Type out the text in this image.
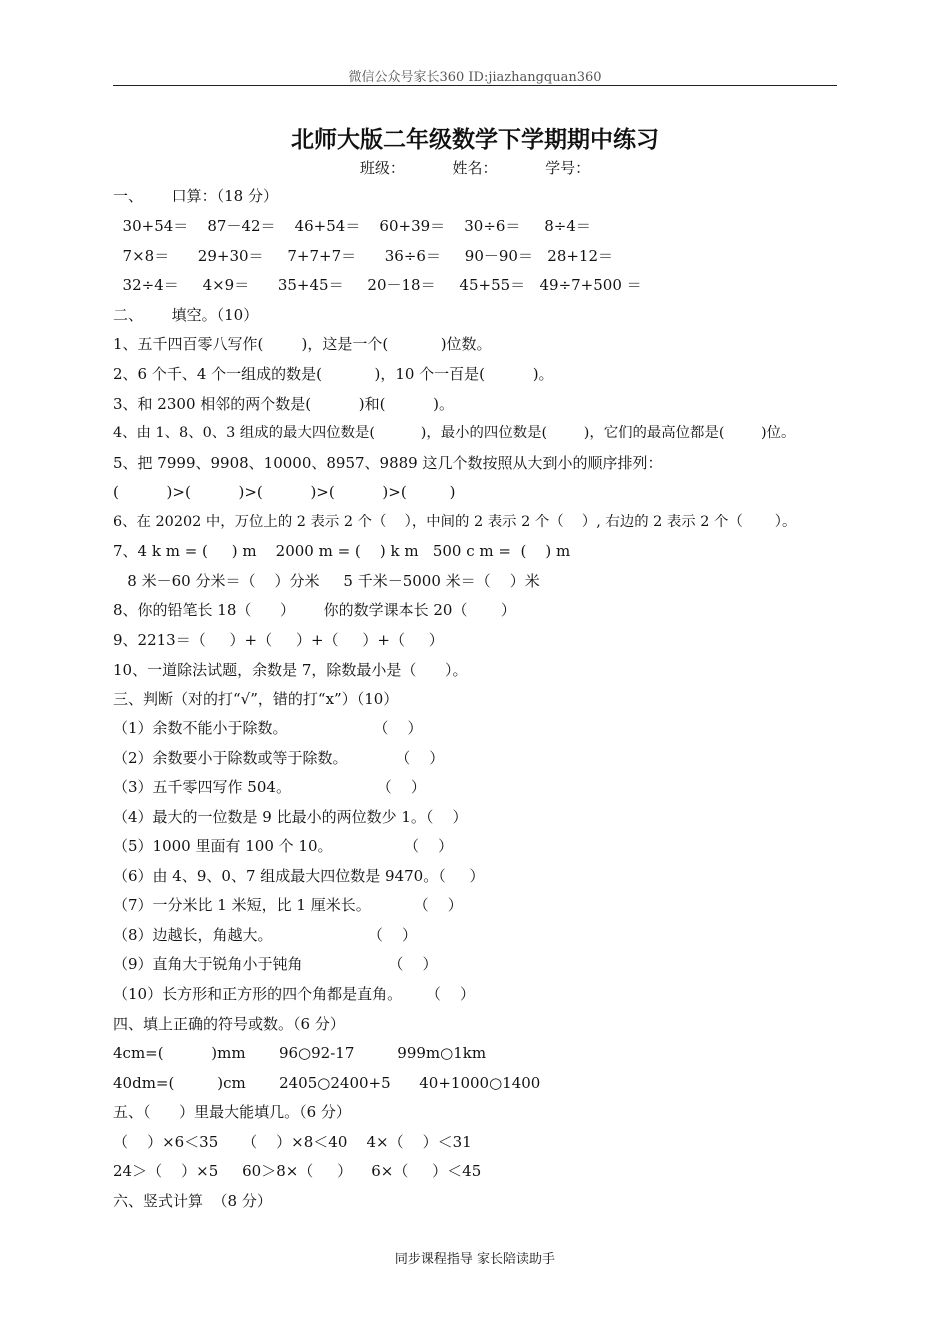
微信公众号家长360 ID:jiazhangquan360
北师大版二年级数学下学期期中练习
班级：          姓名：          学号：
一、      口算：（18 分）
30+54＝    87－42＝    46+54＝    60+39＝    30÷6＝     8÷4＝
7×8＝      29+30＝     7+7+7＝      36÷6＝     90－90＝   28+12＝
32÷4＝     4×9＝      35+45＝     20－18＝     45+55＝   49÷7+500 ＝
二、      填空。（10）
1、五千四百零八写作(        )，这是一个(           )位数。
2、6 个千、4 个一组成的数是(           )，10 个一百是(          )。
3、和 2300 相邻的两个数是(          )和(          )。
4、由 1、8、0、3 组成的最大四位数是(          )，最小的四位数是(        )，它们的最高位都是(        )位。
5、把 7999、9908、10000、8957、9889 这几个数按照从大到小的顺序排列：
(          )>(          )>(          )>(          )>(         )
6、在 20202 中，万位上的 2 表示 2 个（    ），中间的 2 表示 2 个（    ）, 右边的 2 表示 2 个（       ）。
7、4 k m = (     ) m    2000 m = (    ) k m   500 c m =  (    ) m
8 米－60 分米＝（    ）分米     5 千米－5000 米＝（    ）米
8、你的铅笔长 18（      ）      你的数学课本长 20（       ）
9、2213＝（     ）+（     ）+（     ）+（     ）
10、一道除法试题，余数是 7，除数最小是（      ）。
三、判断（对的打“√”，错的打“x”）（10）
（1）余数不能小于除数。                  （    ）
（2）余数要小于除数或等于除数。          （    ）
（3）五千零四写作 504。                  （    ）
（4）最大的一位数是 9 比最小的两位数少 1。（    ）
（5）1000 里面有 100 个 10。               （    ）
（6）由 4、9、0、7 组成最大四位数是 9470。（     ）
（7）一分米比 1 米短，比 1 厘米长。         （    ）
（8）边越长，角越大。                    （    ）
（9）直角大于锐角小于钝角                  （    ）
（10）长方形和正方形的四个角都是直角。     （    ）
四、填上正确的符号或数。（6 分）
4cm=(          )mm       96○92-17         999m○1km
40dm=(         )cm       2405○2400+5      40+1000○1400
五、（      ）里最大能填几。（6 分）
（    ）×6＜35     （    ）×8＜40    4×（    ）＜31
24＞（    ）×5     60＞8×（     ）    6×（     ）＜45
六、竖式计算  （8 分）
同步课程指导 家长陪读助手
